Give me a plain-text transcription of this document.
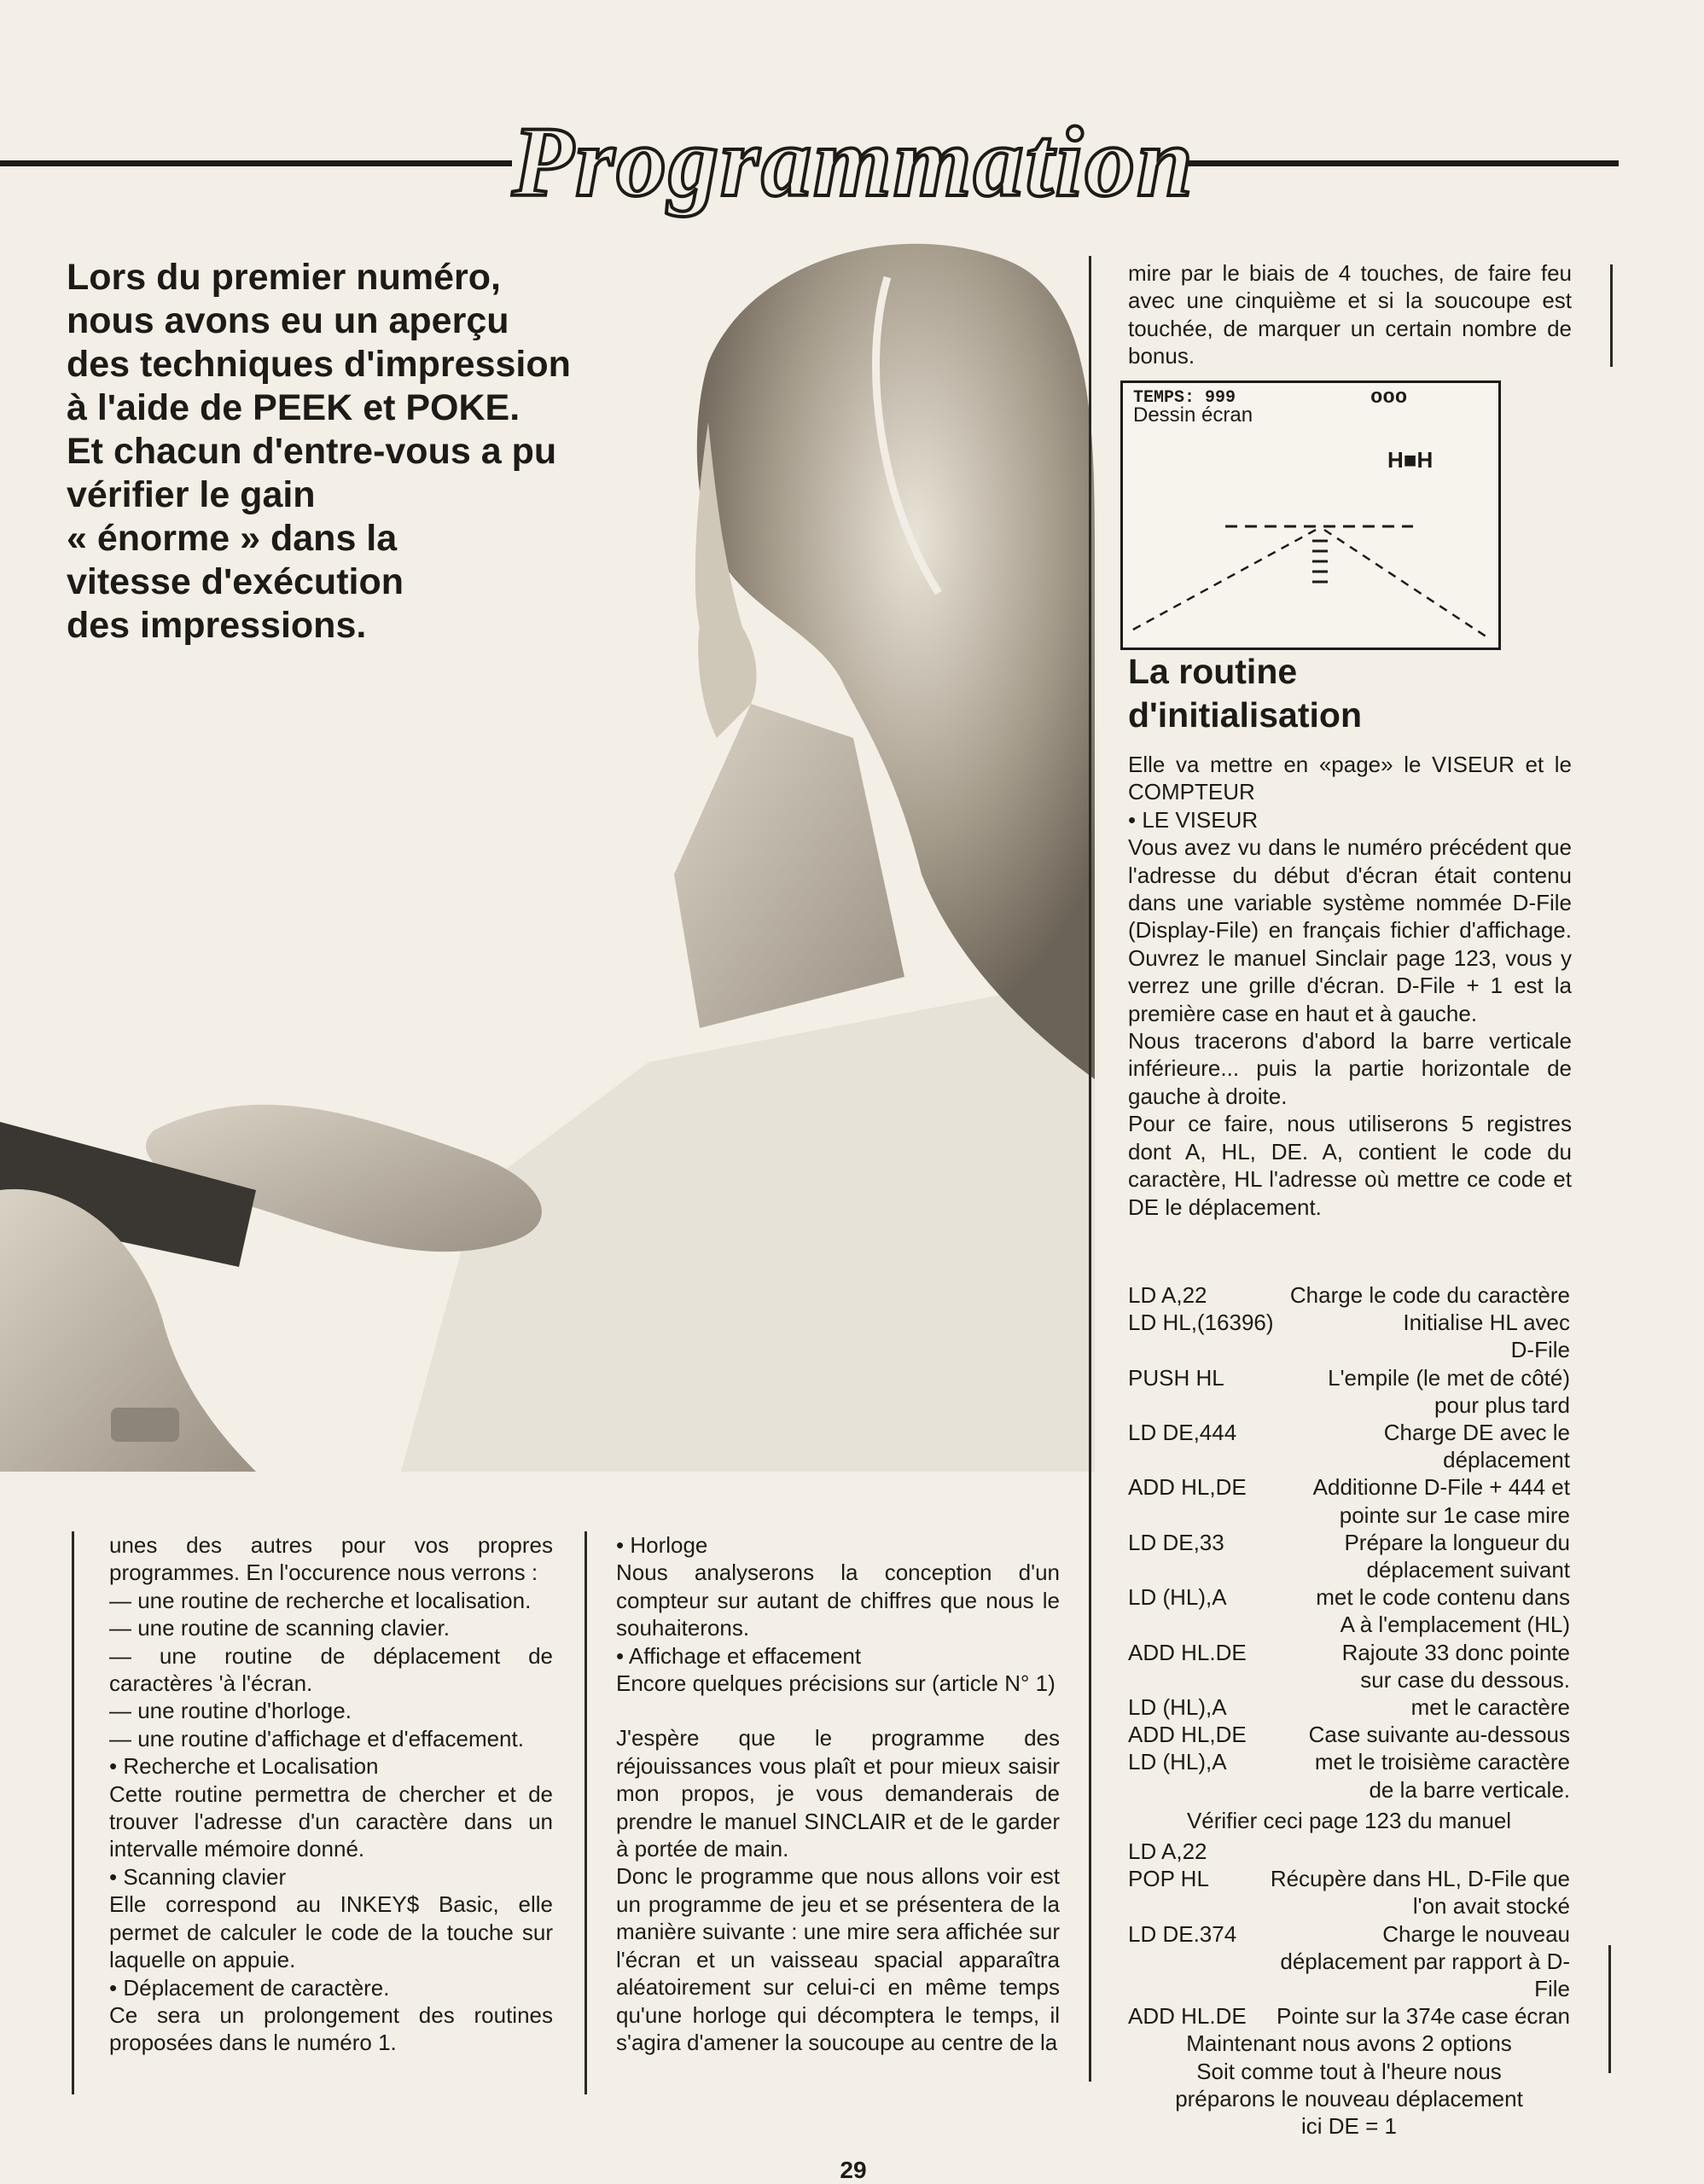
Programmation
Lors du premier numéro,
nous avons eu un aperçu
des techniques d'impression
à l'aide de PEEK et POKE.
Et chacun d'entre-vous a pu
vérifier le gain
« énorme » dans la
vitesse d'exécution
des impressions.

unes des autres pour vos propres programmes. En l'occurence nous verrons :

— une routine de recherche et localisation.

— une routine de scanning clavier.

— une routine de déplacement de caractères 'à l'écran.

— une routine d'horloge.

— une routine d'affichage et d'effacement.

• Recherche et Localisation

Cette routine permettra de chercher et de trouver l'adresse d'un caractère dans un intervalle mémoire donné.

• Scanning clavier

Elle correspond au INKEY$ Basic, elle permet de calculer le code de la touche sur laquelle on appuie.

• Déplacement de caractère.

Ce sera un prolongement des routines proposées dans le numéro 1.

• Horloge

Nous analyserons la conception d'un compteur sur autant de chiffres que nous le souhaiterons.

• Affichage et effacement

Encore quelques précisions sur (article N° 1)

J'espère que le programme des réjouissances vous plaît et pour mieux saisir mon propos, je vous demanderais de prendre le manuel SINCLAIR et de le garder à portée de main.

Donc le programme que nous allons voir est un programme de jeu et se présentera de la manière suivante : une mire sera affichée sur l'écran et un vaisseau spacial apparaîtra aléatoirement sur celui-ci en même temps qu'une horloge qui décomptera le temps, il s'agira d'amener la soucoupe au centre de la

mire par le biais de 4 touches, de faire feu avec une cinquième et si la soucoupe est touchée, de marquer un certain nombre de bonus.

TEMPS: 999
Dessin écran
ooo
H■H
La routine d'initialisation

Elle va mettre en «page» le VISEUR et le COMPTEUR

• LE VISEUR

Vous avez vu dans le numéro précédent que l'adresse du début d'écran était contenu dans une variable système nommée D-File (Display-File) en français fichier d'affichage. Ouvrez le manuel Sinclair page 123, vous y verrez une grille d'écran. D-File + 1 est la première case en haut et à gauche.

Nous tracerons d'abord la barre verticale inférieure... puis la partie horizontale de gauche à droite.

Pour ce faire, nous utiliserons 5 registres dont A, HL, DE. A, contient le code du caractère, HL l'adresse où mettre ce code et DE le déplacement.

LD A,22	Charge le code du caractère
LD HL,(16396)	Initialise HL avec D-File
PUSH HL	L'empile (le met de côté) pour plus tard
LD DE,444	Charge DE avec le déplacement
ADD HL,DE	Additionne D-File + 444 et pointe sur 1e case mire
LD DE,33	Prépare la longueur du déplacement suivant
LD (HL),A	met le code contenu dans A à l'emplacement (HL)
ADD HL.DE	Rajoute 33 donc pointe sur case du dessous.
LD (HL),A	met le caractère
ADD HL,DE	Case suivante au-dessous
LD (HL),A	met le troisième caractère de la barre verticale.
Vérifier ceci page 123 du manuel
LD A,22
POP HL	Récupère dans HL, D-File que l'on avait stocké
LD DE.374	Charge le nouveau déplacement par rapport à D-File
ADD HL.DE	Pointe sur la 374e case écran
Maintenant nous avons 2 options
Soit comme tout à l'heure nous préparons le nouveau déplacement
ici DE = 1
29
